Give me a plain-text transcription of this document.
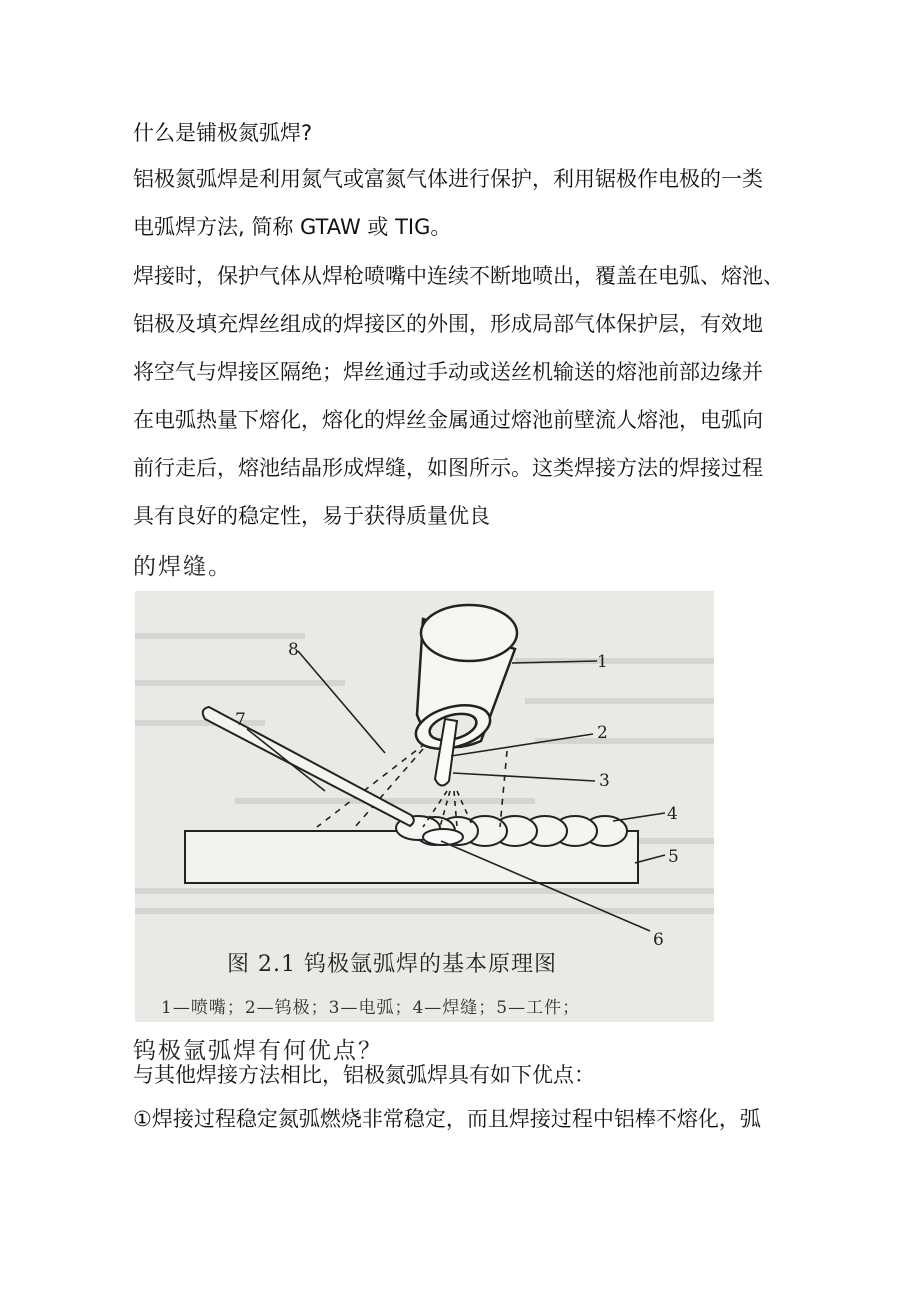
什么是铺极氮弧焊?
铝极氮弧焊是利用氮气或富氮气体进行保护，利用锯极作电极的一类
电弧焊方法, 简称 GTAW 或 TIG。
焊接时，保护气体从焊枪喷嘴中连续不断地喷出，覆盖在电弧、熔池、
铝极及填充焊丝组成的焊接区的外围，形成局部气体保护层，有效地
将空气与焊接区隔绝；焊丝通过手动或送丝机输送的熔池前部边缘并
在电弧热量下熔化，熔化的焊丝金属通过熔池前壁流人熔池，电弧向
前行走后，熔池结晶形成焊缝，如图所示。这类焊接方法的焊接过程
具有良好的稳定性，易于获得质量优良
的焊缝。
1
2
3
4
5
6
7
8
图 2.1 钨极氩弧焊的基本原理图
1—喷嘴；2—钨极；3—电弧；4—焊缝；5—工件；
钨极氩弧焊有何优点？
与其他焊接方法相比，铝极氮弧焊具有如下优点：
①焊接过程稳定氮弧燃烧非常稳定，而且焊接过程中铝棒不熔化，弧
